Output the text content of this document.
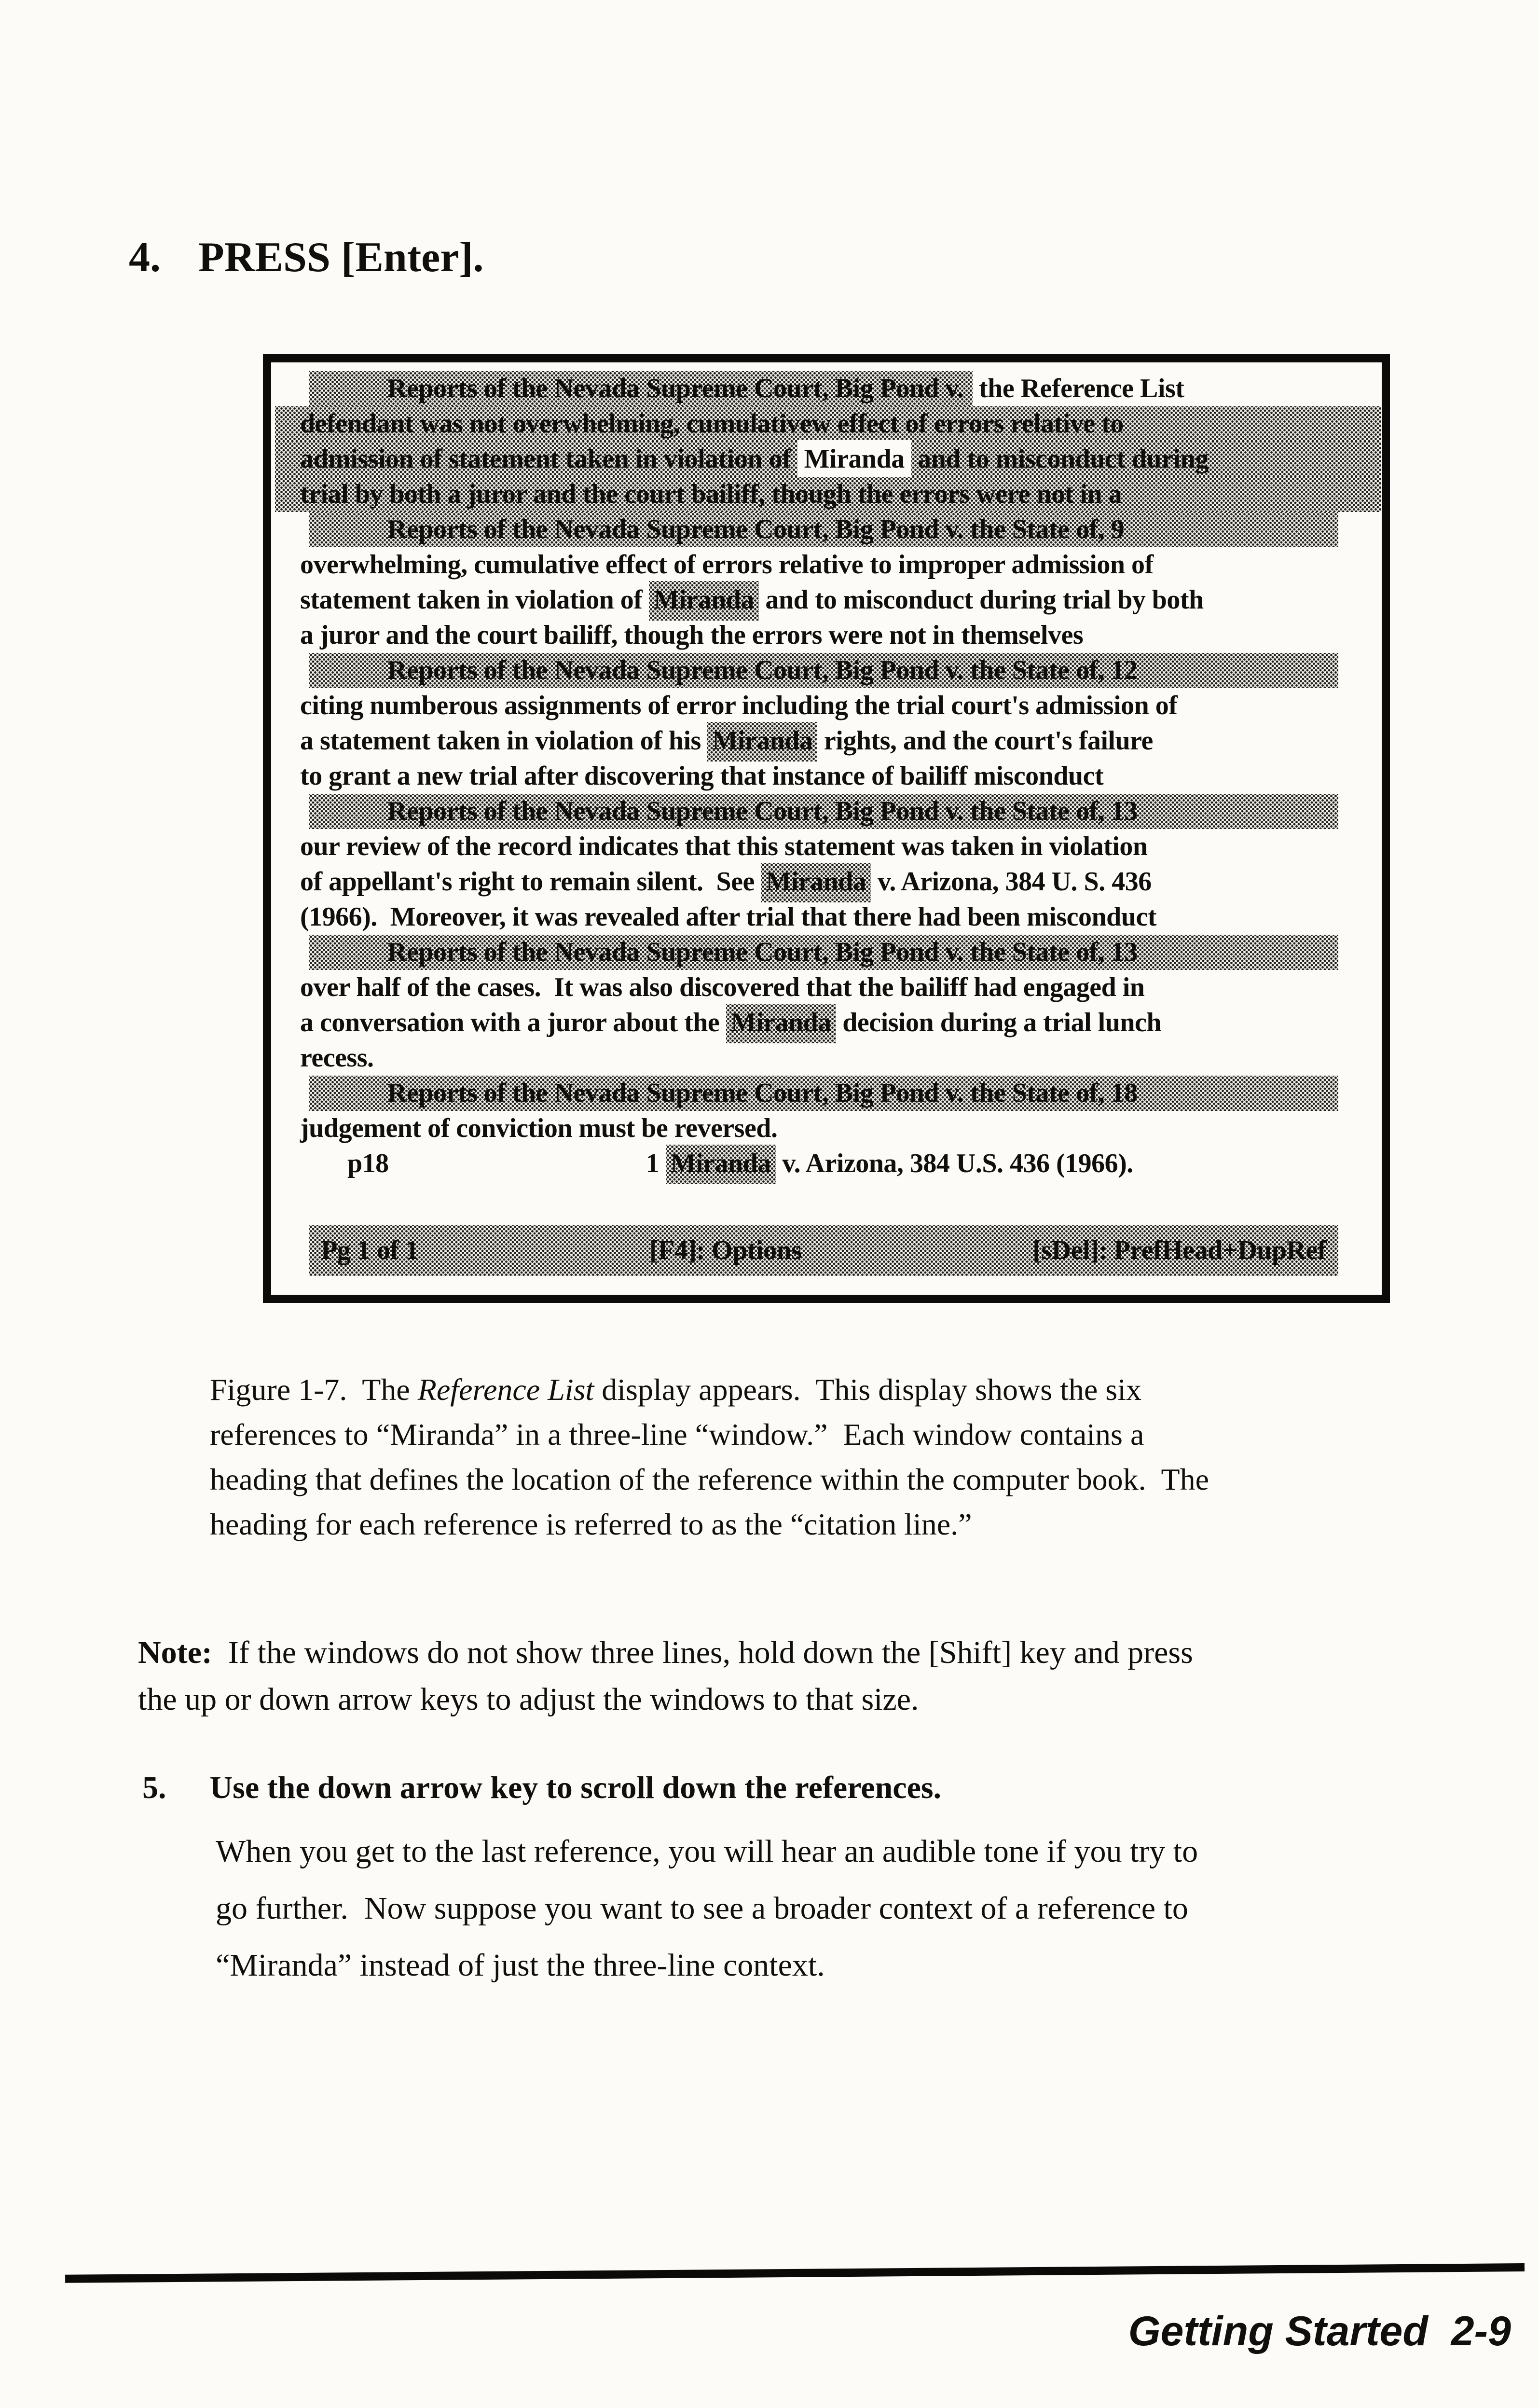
4. PRESS [Enter].
Reports of the Nevada Supreme Court, Big Pond v. the Reference List
defendant was not overwhelming, cumulativew effect of errors relative to
admission of statement taken in violation of Miranda and to misconduct during
trial by both a juror and the court bailiff, though the errors were not in a
Reports of the Nevada Supreme Court, Big Pond v. the State of, 9
overwhelming, cumulative effect of errors relative to improper admission of
statement taken in violation of Miranda and to misconduct during trial by both
a juror and the court bailiff, though the errors were not in themselves
Reports of the Nevada Supreme Court, Big Pond v. the State of, 12
citing numberous assignments of error including the trial court's admission of
a statement taken in violation of his Miranda rights, and the court's failure
to grant a new trial after discovering that instance of bailiff misconduct
Reports of the Nevada Supreme Court, Big Pond v. the State of, 13
our review of the record indicates that this statement was taken in violation
of appellant's right to remain silent.  See Miranda v. Arizona, 384 U. S. 436
(1966).  Moreover, it was revealed after trial that there had been misconduct
Reports of the Nevada Supreme Court, Big Pond v. the State of, 13
over half of the cases.  It was also discovered that the bailiff had engaged in
a conversation with a juror about the Miranda decision during a trial lunch
recess.
Reports of the Nevada Supreme Court, Big Pond v. the State of, 18
judgement of conviction must be reversed.
p18	1 Miranda v. Arizona, 384 U.S. 436 (1966).
Pg 1 of 1	[F4]: Options	[sDel]: PrefHead+DupRef
Figure 1-7.  The Reference List display appears.  This display shows the six
references to “Miranda” in a three-line “window.”  Each window contains a
heading that defines the location of the reference within the computer book.  The
heading for each reference is referred to as the “citation line.”
Note:  If the windows do not show three lines, hold down the [Shift] key and press
the up or down arrow keys to adjust the windows to that size.
5. Use the down arrow key to scroll down the references.
When you get to the last reference, you will hear an audible tone if you try to
go further.  Now suppose you want to see a broader context of a reference to
“Miranda” instead of just the three-line context.
Getting Started  2-9
